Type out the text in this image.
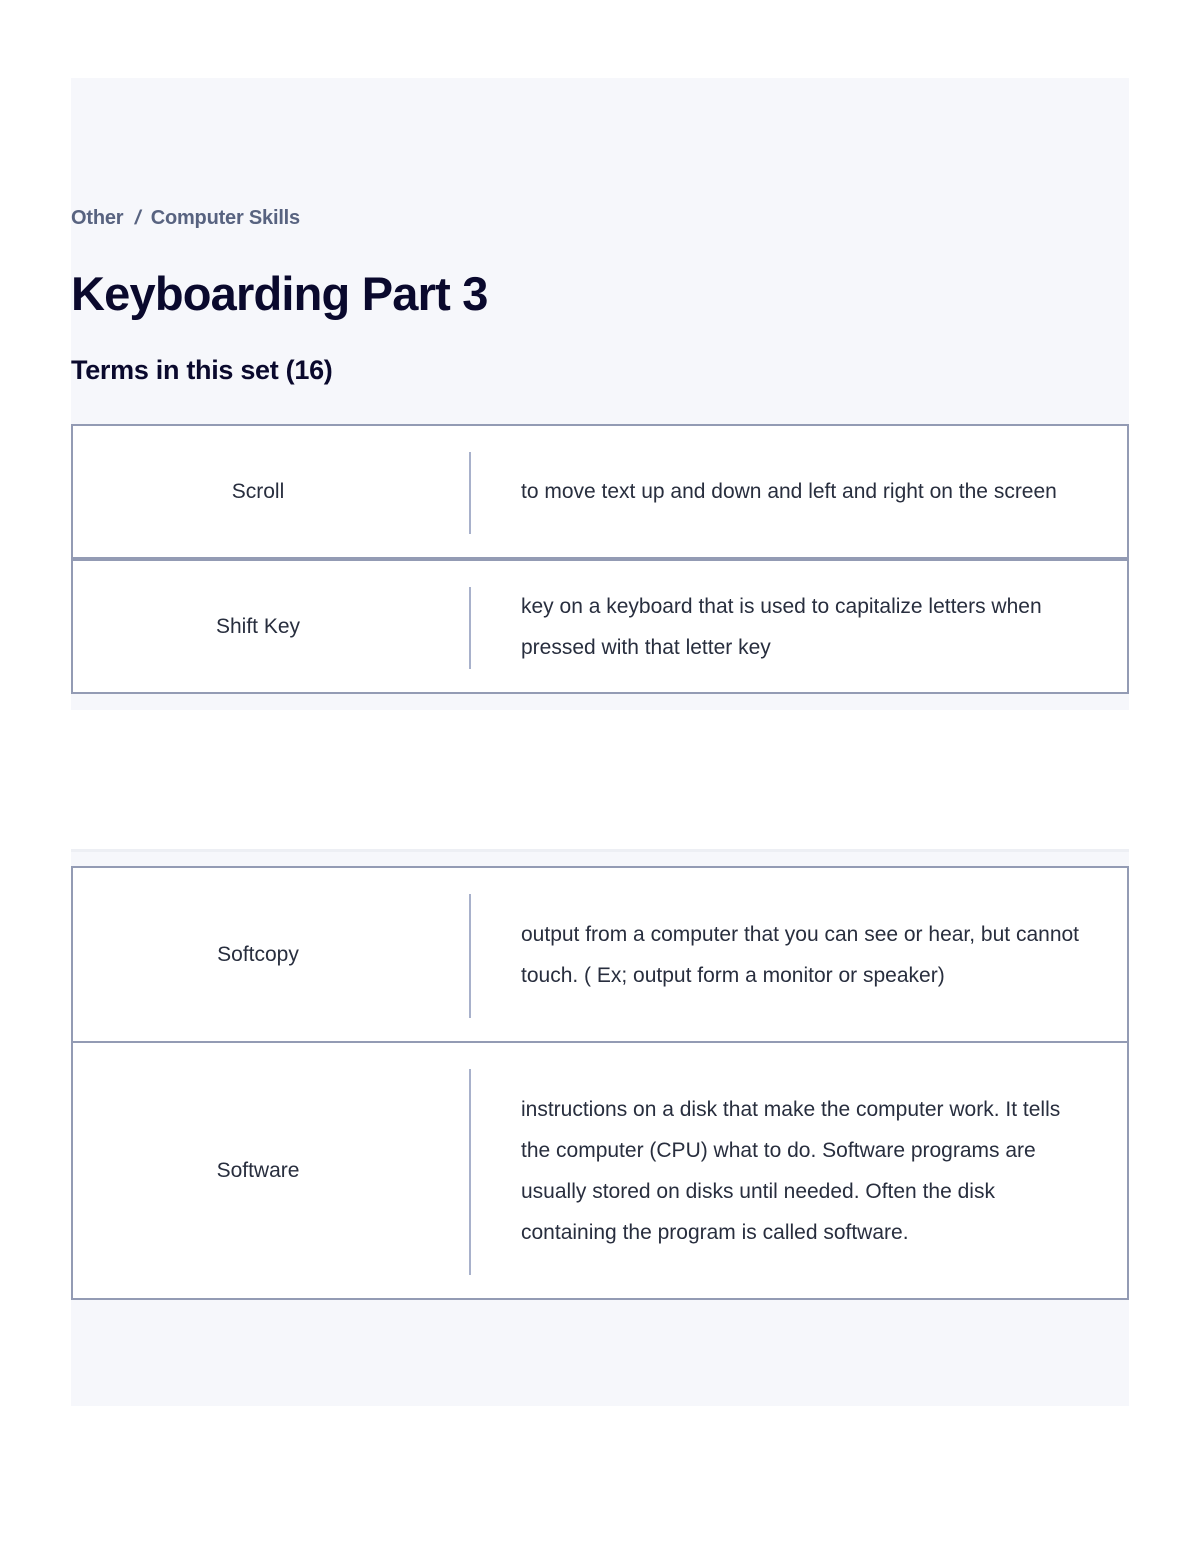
Other / Computer Skills
Keyboarding Part 3
Terms in this set (16)
Scroll	to move text up and down and left and right on the screen
Shift Key
key on a keyboard that is used to capitalize letters when pressed with that letter key
Softcopy
output from a computer that you can see or hear, but cannot touch. ( Ex; output form a monitor or speaker)
Software
instructions on a disk that make the computer work. It tells the computer (CPU) what to do. Software programs are usually stored on disks until needed. Often the disk containing the program is called software.
